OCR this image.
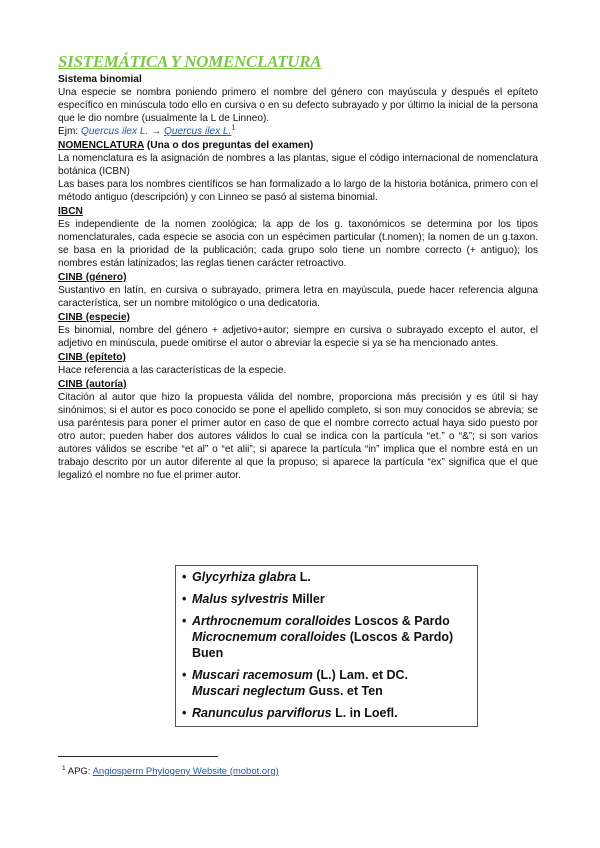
SISTEMÁTICA Y NOMENCLATURA
Sistema binomial
Una especie se nombra poniendo primero el nombre del género con mayúscula y después el epíteto específico en minúscula todo ello en cursiva o en su defecto subrayado y por último la inicial de la persona que le dio nombre (usualmente la L de Linneo).
Ejm: Quercus ilex L. → Quercus ilex L.$^1$
NOMENCLATURA (Una o dos preguntas del examen)
La nomenclatura es la asignación de nombres a las plantas, sigue el código internacional de nomenclatura botánica (ICBN)
Las bases para los nombres científicos se han formalizado a lo largo de la historia botánica, primero con el método antiguo (descripción) y con Linneo se pasó al sistema binomial.
IBCN
Es independiente de la nomen zoológica; la app de los g. taxonómicos se determina por los tipos nomenclaturales, cada especie se asocia con un espécimen particular (t.nomen); la nomen de un g.taxon. se basa en la prioridad de la publicación; cada grupo solo tiene un nombre correcto (+ antiguo); los nombres están latinizados; las reglas tienen carácter retroactivo.
CINB (género)
Sustantivo en latín, en cursiva o subrayado, primera letra en mayúscula, puede hacer referencia alguna característica, ser un nombre mitológico o una dedicatoria.
CINB (especie)
Es binomial, nombre del género + adjetivo+autor; siempre en cursiva o subrayado excepto el autor, el adjetivo en minúscula, puede omitirse el autor o abreviar la especie si ya se ha mencionado antes.
CINB (epíteto)
Hace referencia a las características de la especie.
CINB (autoría)
Citación al autor que hizo la propuesta válida del nombre, proporciona más precisión y es útil si hay sinónimos; si el autor es poco conocido se pone el apellido completo, si son muy conocidos se abrevia; se usa paréntesis para poner el primer autor en caso de que el nombre correcto actual haya sido puesto por otro autor; pueden haber dos autores válidos lo cual se indica con la partícula “et.” o “&”; si son varios autores válidos se escribe “et al” o “et alii”; si aparece la partícula “in” implica que el nombre está en un trabajo descrito por un autor diferente al que la propuso; si aparece la partícula “ex” significa que el que legalizó el nombre no fue el primer autor.
• Glycyrhiza glabra L.
• Malus sylvestris Miller
• Arthrocnemum coralloides Loscos & Pardo
Microcnemum coralloides (Loscos & Pardo)
Buen
• Muscari racemosum (L.) Lam. et DC.
Muscari neglectum Guss. et Ten
• Ranunculus parviflorus L. in Loefl.
$^1$ APG: Angiosperm Phylogeny Website (mobot.org)
